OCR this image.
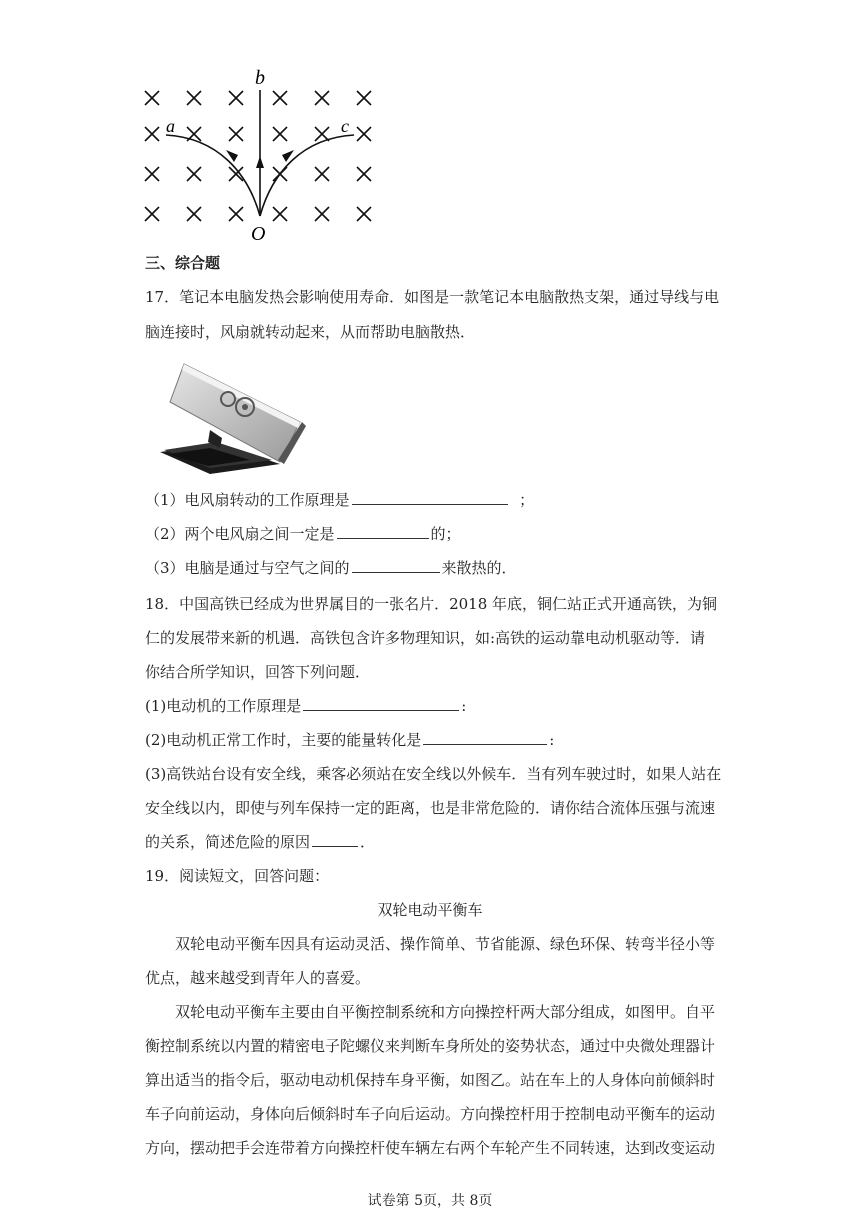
b
a	c
O
三、综合题
17．笔记本电脑发热会影响使用寿命．如图是一款笔记本电脑散热支架，通过导线与电
脑连接时，风扇就转动起来，从而帮助电脑散热．
（1）电风扇转动的工作原理是	；
（2）两个电风扇之间一定是	的；
（3）电脑是通过与空气之间的	来散热的．
18．中国高铁已经成为世界属目的一张名片．2018 年底，铜仁站正式开通高铁，为铜
仁的发展带来新的机遇．高铁包含许多物理知识，如:高铁的运动靠电动机驱动等．请
你结合所学知识，回答下列问题．
(1)电动机的工作原理是	:
(2)电动机正常工作时，主要的能量转化是	:
(3)高铁站台设有安全线，乘客必须站在安全线以外候车．当有列车驶过时，如果人站在
安全线以内，即使与列车保持一定的距离，也是非常危险的．请你结合流体压强与流速
的关系，简述危险的原因	．
19．阅读短文，回答问题：
双轮电动平衡车
双轮电动平衡车因具有运动灵活、操作简单、节省能源、绿色环保、转弯半径小等
优点，越来越受到青年人的喜爱。
双轮电动平衡车主要由自平衡控制系统和方向操控杆两大部分组成，如图甲。自平
衡控制系统以内置的精密电子陀螺仪来判断车身所处的姿势状态，通过中央微处理器计
算出适当的指令后，驱动电动机保持车身平衡，如图乙。站在车上的人身体向前倾斜时
车子向前运动，身体向后倾斜时车子向后运动。方向操控杆用于控制电动平衡车的运动
方向，摆动把手会连带着方向操控杆使车辆左右两个车轮产生不同转速，达到改变运动
试卷第 5页，共 8页
